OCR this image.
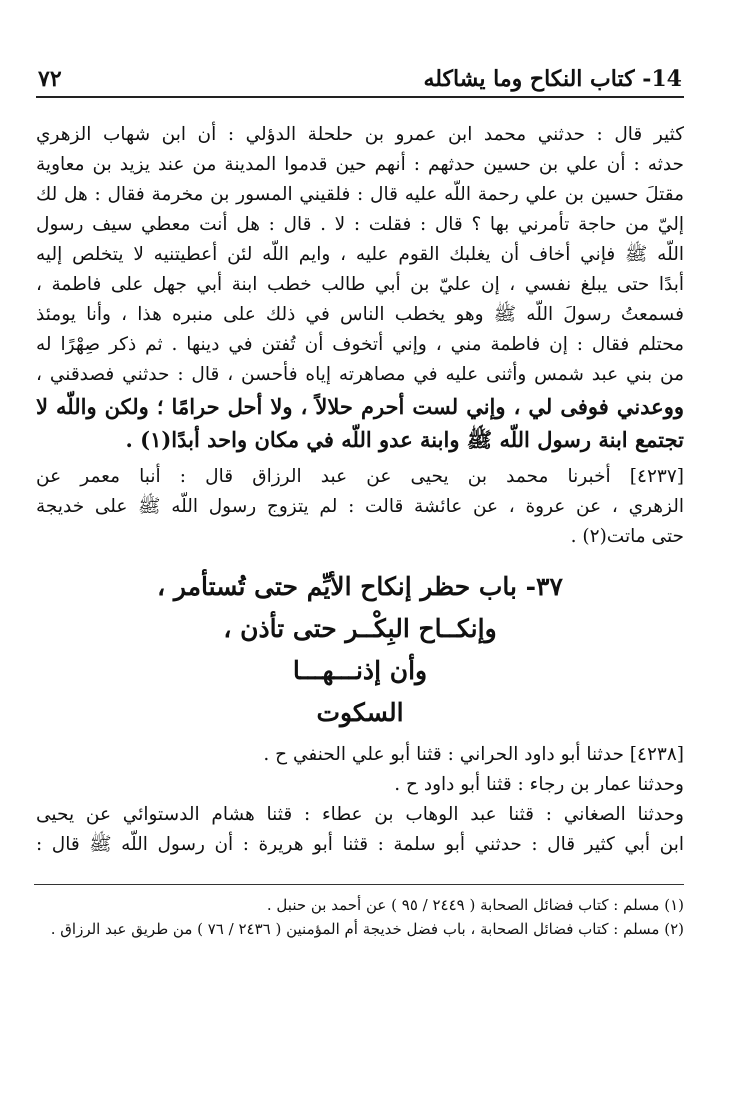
14- كتاب النكاح وما يشاكله
٧٢
كثير قال : حدثني محمد ابن عمرو بن حلحلة الدؤلي : أن ابن شهاب الزهري
حدثه : أن علي بن حسين حدثهم : أنهم حين قدموا المدينة من عند يزيد بن معاوية
مقتلَ حسين بن علي رحمة اللّه عليه قال : فلقيني المسور بن مخرمة فقال : هل لك
إليّ من حاجة تأمرني بها ؟ قال : فقلت : لا . قال : هل أنت معطي سيف رسول
اللّه ﷺ فإني أخاف أن يغلبك القوم عليه ، وايم اللّه لئن أعطيتنيه لا يتخلص إليه
أبدًا حتى يبلغ نفسي ، إن عليّ بن أبي طالب خطب ابنة أبي جهل على فاطمة ،
فسمعتُ رسولَ اللّه ﷺ وهو يخطب الناس في ذلك على منبره هذا ، وأنا يومئذ
محتلم فقال : إن فاطمة مني ، وإني أتخوف أن تُفتن في دينها . ثم ذكر صِهْرًا له
من بني عبد شمس وأثنى عليه في مصاهرته إياه فأحسن ، قال : حدثني فصدقني ،
ووعدني فوفى لي ، وإني لست أحرم حلالاً ، ولا أحل حرامًا ؛ ولكن واللّه لا
تجتمع ابنة رسول اللّه ﷺ وابنة عدو اللّه في مكان واحد أبدًا(١) .
[٤٢٣٧] أخبرنا محمد بن يحيى عن عبد الرزاق قال : أنبا معمر عن
الزهري ، عن عروة ، عن عائشة قالت : لم يتزوج رسول اللّه ﷺ على خديجة
حتى ماتت(٢) .
٣٧- باب حظر إنكاح الأيِّم حتى تُستأمر ،
وإنكــاح البِكْــر حتى تأذن ،
وأن إذنـــهـــا
السكوت
[٤٢٣٨] حدثنا أبو داود الحراني : قثنا أبو علي الحنفي ح .
وحدثنا عمار بن رجاء : قثنا أبو داود ح .
وحدثنا الصغاني : قثنا عبد الوهاب بن عطاء : قثنا هشام الدستوائي عن يحيى
ابن أبي كثير قال : حدثني أبو سلمة : قثنا أبو هريرة : أن رسول اللّه ﷺ قال :
(١) مسلم : كتاب فضائل الصحابة ( ٢٤٤٩ / ٩٥ ) عن أحمد بن حنبل .
(٢) مسلم : كتاب فضائل الصحابة ، باب فضل خديجة أم المؤمنين ( ٢٤٣٦ / ٧٦ ) من طريق عبد الرزاق .
